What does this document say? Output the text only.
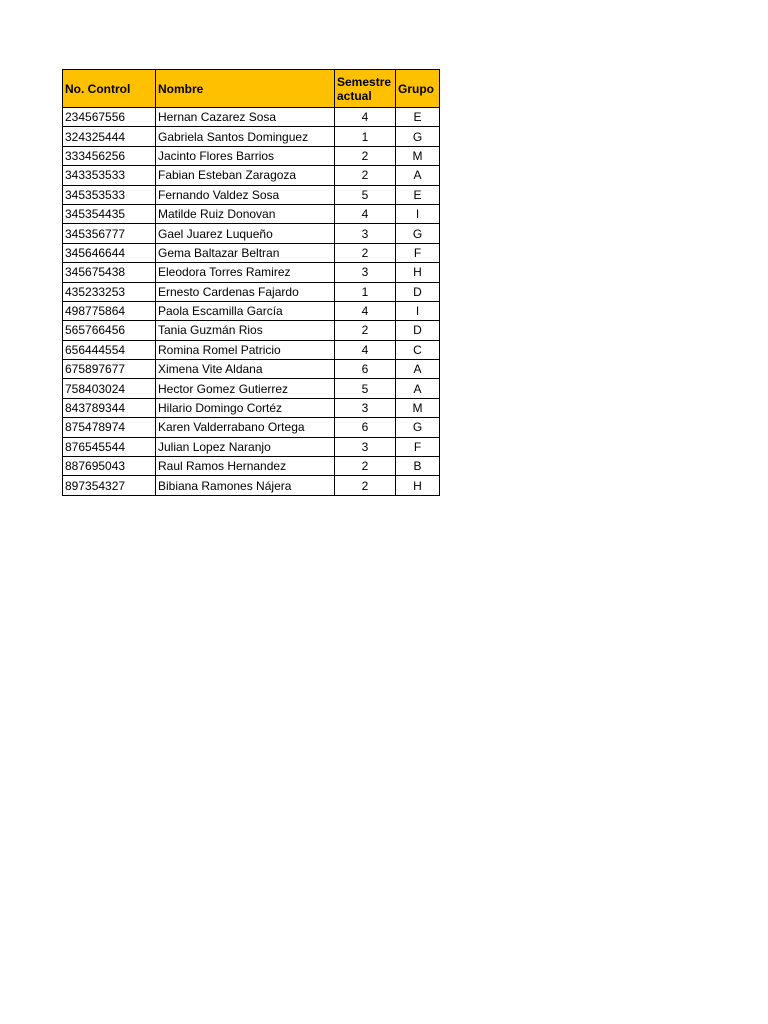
No. Control	Nombre	Semestre actual	Grupo
234567556	Hernan Cazarez Sosa	4	E
324325444	Gabriela Santos Dominguez	1	G
333456256	Jacinto Flores Barrios	2	M
343353533	Fabian Esteban Zaragoza	2	A
345353533	Fernando Valdez Sosa	5	E
345354435	Matilde Ruiz Donovan	4	I
345356777	Gael Juarez Luqueño	3	G
345646644	Gema Baltazar Beltran	2	F
345675438	Eleodora Torres Ramirez	3	H
435233253	Ernesto Cardenas Fajardo	1	D
498775864	Paola Escamilla García	4	I
565766456	Tania Guzmán Rios	2	D
656444554	Romina Romel Patricio	4	C
675897677	Ximena Vite Aldana	6	A
758403024	Hector Gomez Gutierrez	5	A
843789344	Hilario Domingo Cortéz	3	M
875478974	Karen Valderrabano Ortega	6	G
876545544	Julian Lopez Naranjo	3	F
887695043	Raul Ramos Hernandez	2	B
897354327	Bibiana Ramones Nájera	2	H
